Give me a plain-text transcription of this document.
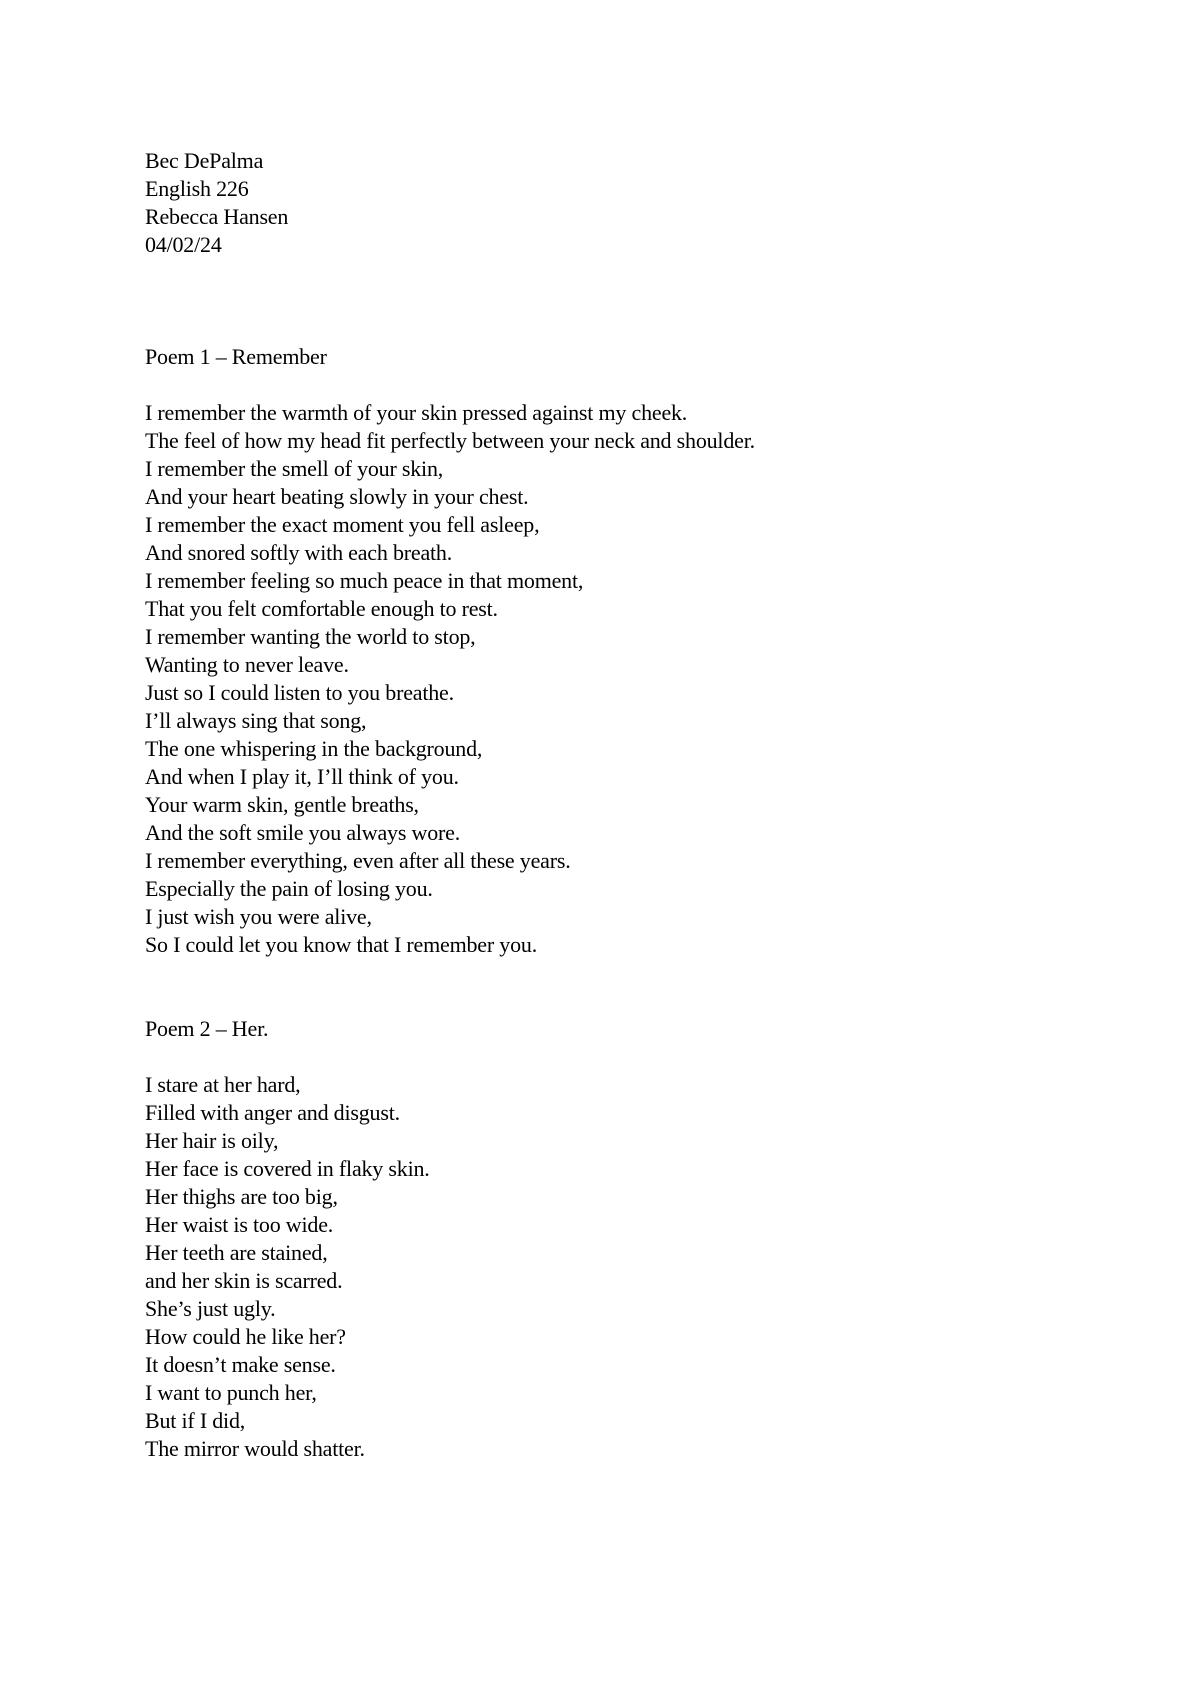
Bec DePalma
English 226
Rebecca Hansen
04/02/24
Poem 1 – Remember
I remember the warmth of your skin pressed against my cheek.
The feel of how my head fit perfectly between your neck and shoulder.
I remember the smell of your skin,
And your heart beating slowly in your chest.
I remember the exact moment you fell asleep,
And snored softly with each breath.
I remember feeling so much peace in that moment,
That you felt comfortable enough to rest.
I remember wanting the world to stop,
Wanting to never leave.
Just so I could listen to you breathe.
I’ll always sing that song,
The one whispering in the background,
And when I play it, I’ll think of you.
Your warm skin, gentle breaths,
And the soft smile you always wore.
I remember everything, even after all these years.
Especially the pain of losing you.
I just wish you were alive,
So I could let you know that I remember you.
Poem 2 – Her.
I stare at her hard,
Filled with anger and disgust.
Her hair is oily,
Her face is covered in flaky skin.
Her thighs are too big,
Her waist is too wide.
Her teeth are stained,
and her skin is scarred.
She’s just ugly.
How could he like her?
It doesn’t make sense.
I want to punch her,
But if I did,
The mirror would shatter.
